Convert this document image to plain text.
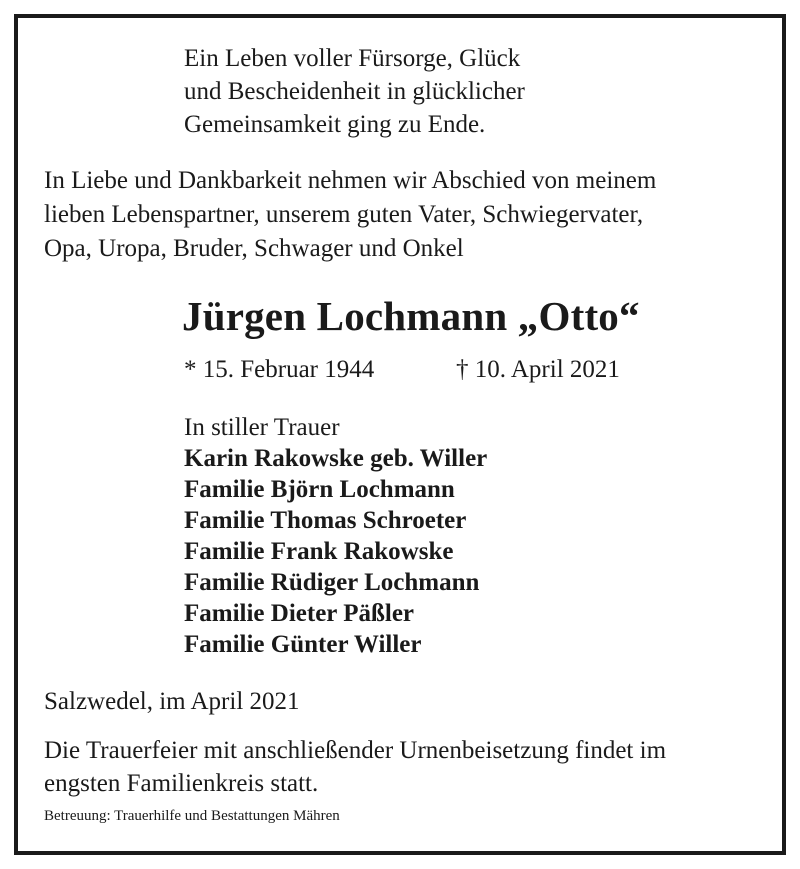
Ein Leben voller Fürsorge, Glück
und Bescheidenheit in glücklicher
Gemeinsamkeit ging zu Ende.
In Liebe und Dankbarkeit nehmen wir Abschied von meinem
lieben Lebenspartner, unserem guten Vater, Schwiegervater,
Opa, Uropa, Bruder, Schwager und Onkel
Jürgen Lochmann „Otto“
* 15. Februar 1944	† 10. April 2021
In stiller Trauer
Karin Rakowske geb. Willer
Familie Björn Lochmann
Familie Thomas Schroeter
Familie Frank Rakowske
Familie Rüdiger Lochmann
Familie Dieter Päßler
Familie Günter Willer
Salzwedel, im April 2021
Die Trauerfeier mit anschließender Urnenbeisetzung findet im
engsten Familienkreis statt.
Betreuung: Trauerhilfe und Bestattungen Mähren
